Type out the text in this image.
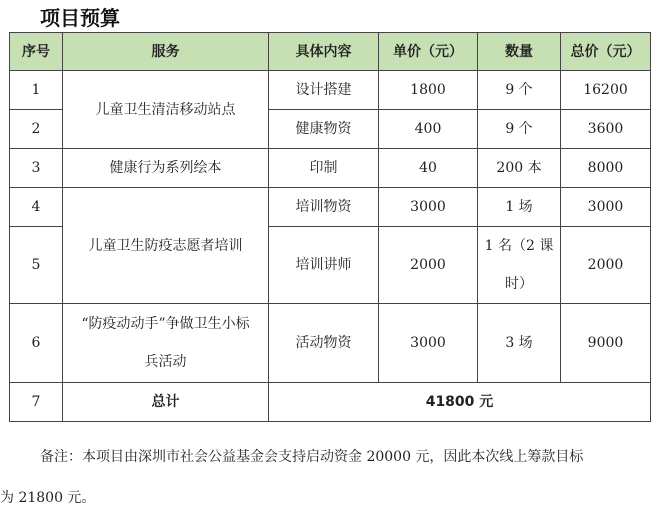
项目预算
序号	服务	具体内容	单价（元）	数量	总价（元）
1	儿童卫生清洁移动站点	设计搭建	1800	9 个	16200
2		健康物资	400	9 个	3600
3	健康行为系列绘本	印制	40	200 本	8000
4	儿童卫生防疫志愿者培训	培训物资	3000	1 场	3000
5		培训讲师	2000	1 名（2 课时）	2000
6	“防疫动动手”争做卫生小标兵活动	活动物资	3000	3 场	9000
7	总计	41800 元			
备注：本项目由深圳市社会公益基金会支持启动资金 20000 元，因此本次线上筹款目标
为 21800 元。
